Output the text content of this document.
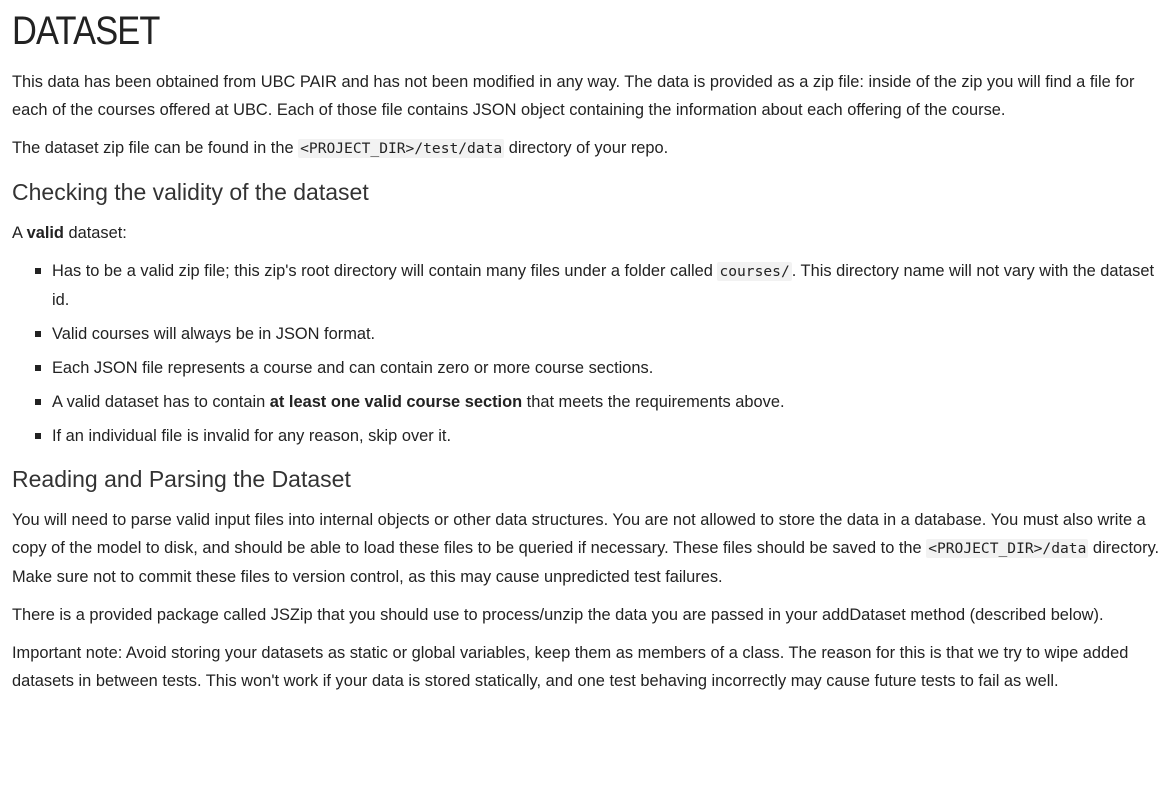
DATASET

This data has been obtained from UBC PAIR and has not been modified in any way. The data is provided as a zip file: inside of the zip you will find a file for each of the courses offered at UBC. Each of those file contains JSON object containing the information about each offering of the course.

The dataset zip file can be found in the <PROJECT_DIR>/test/data directory of your repo.

Checking the validity of the dataset

A valid dataset:

Has to be a valid zip file; this zip's root directory will contain many files under a folder called courses/ . This directory name will not vary with the dataset id.
Valid courses will always be in JSON format.
Each JSON file represents a course and can contain zero or more course sections.
A valid dataset has to contain at least one valid course section that meets the requirements above.
If an individual file is invalid for any reason, skip over it.
Reading and Parsing the Dataset

You will need to parse valid input files into internal objects or other data structures. You are not allowed to store the data in a database. You must also write a copy of the model to disk, and should be able to load these files to be queried if necessary. These files should be saved to the <PROJECT_DIR>/data directory. Make sure not to commit these files to version control, as this may cause unpredicted test failures.

There is a provided package called JSZip that you should use to process/unzip the data you are passed in your addDataset method (described below).

Important note: Avoid storing your datasets as static or global variables, keep them as members of a class. The reason for this is that we try to wipe added datasets in between tests. This won't work if your data is stored statically, and one test behaving incorrectly may cause future tests to fail as well.
